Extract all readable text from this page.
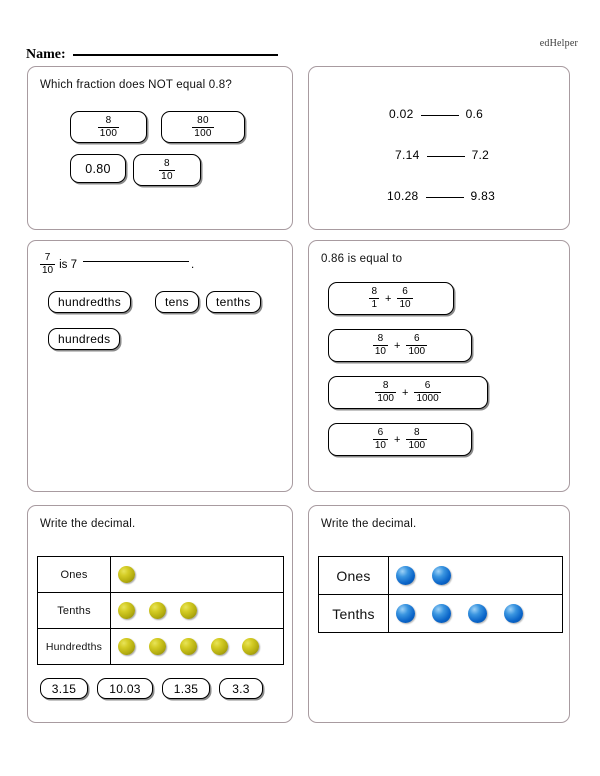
edHelper
Name:
Which fraction does NOT equal 0.8?
$\frac{8}{100}$	$\frac{80}{100}$
0.80	$\frac{8}{10}$
0.02	0.6
7.14	7.2
10.28	9.83
$\frac{7}{10}$ is 7	.
hundredths	tens tenths
hundreds
0.86 is equal to
$\frac{8}{1} + \frac{6}{10}$
$\frac{8}{10} + \frac{6}{100}$
$\frac{8}{100} + \frac{6}{1000}$
$\frac{6}{10} + \frac{8}{100}$
Write the decimal.
Ones	

Tenths	

Hundredths	
3.15	10.03	1.35	3.3
Write the decimal.
Ones	

Tenths	
